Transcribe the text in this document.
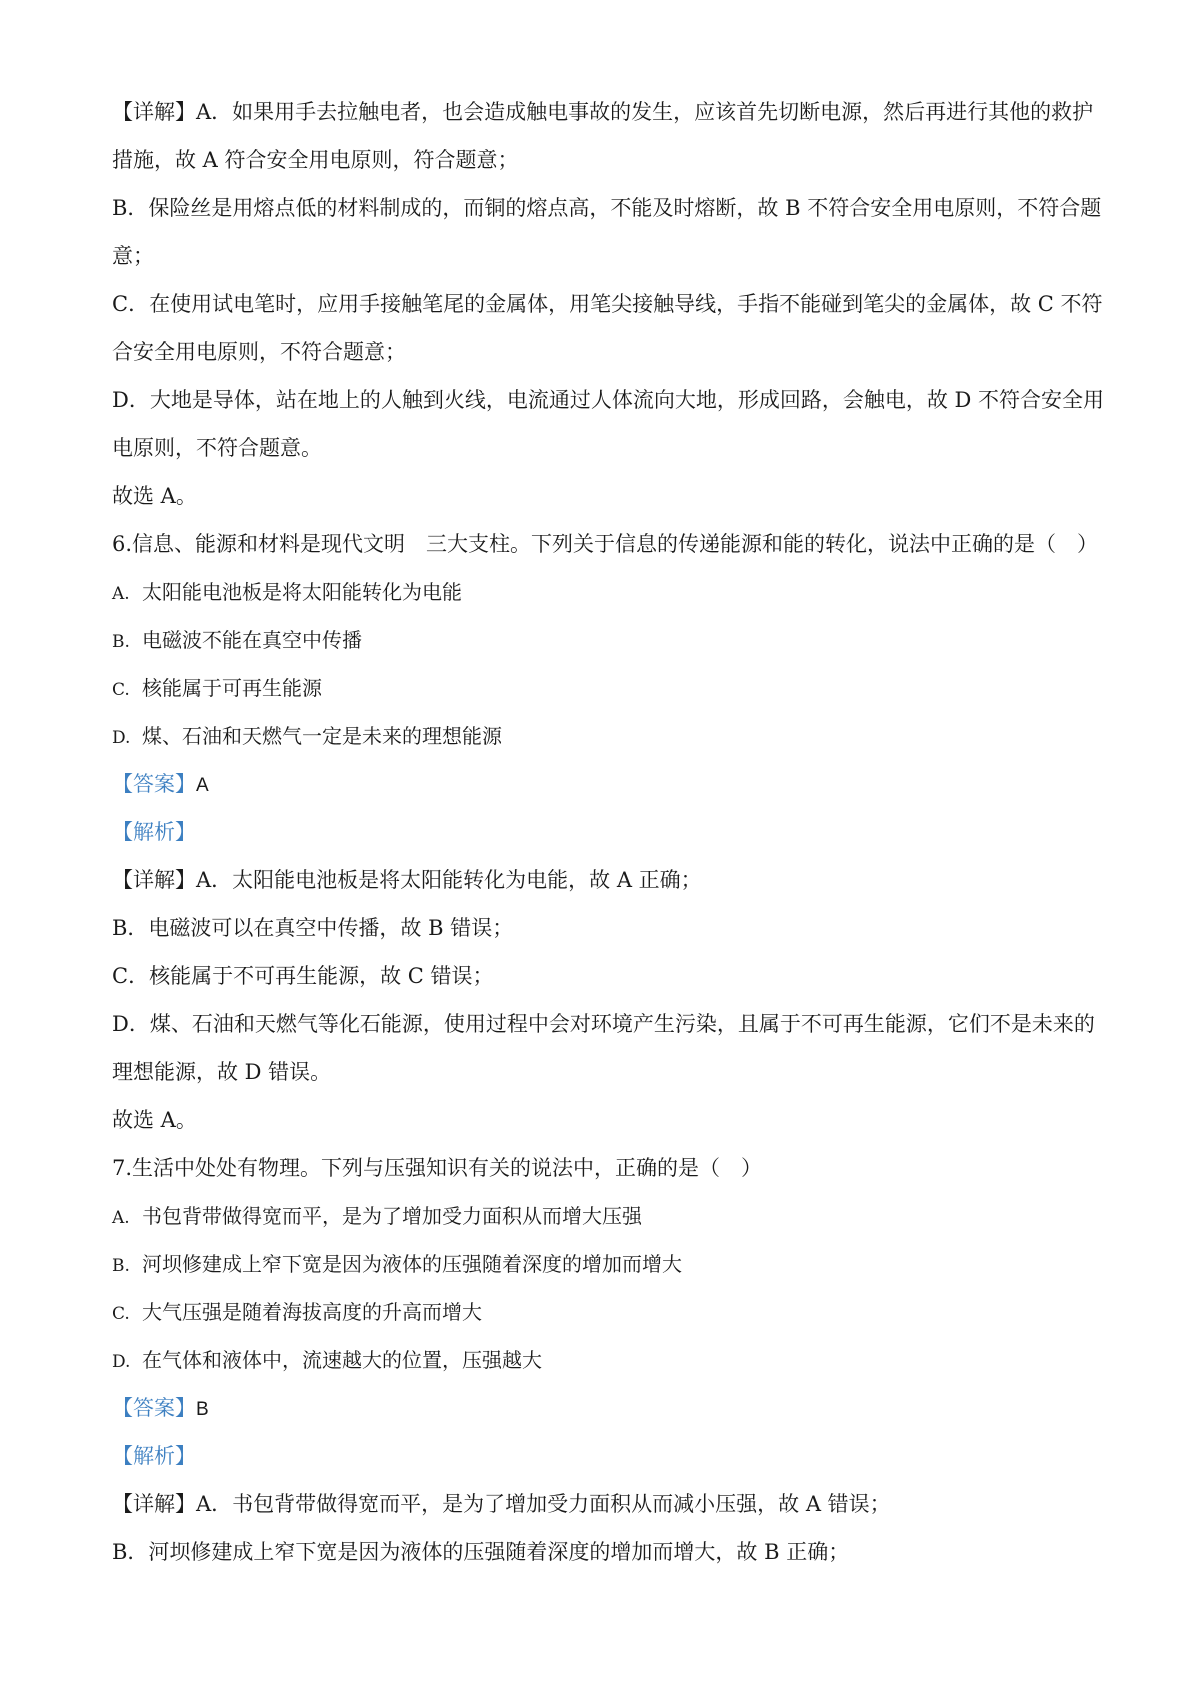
【详解】A．如果用手去拉触电者，也会造成触电事故的发生，应该首先切断电源，然后再进行其他的救护
措施，故 A 符合安全用电原则，符合题意；
B．保险丝是用熔点低的材料制成的，而铜的熔点高，不能及时熔断，故 B 不符合安全用电原则，不符合题
意；
C．在使用试电笔时，应用手接触笔尾的金属体，用笔尖接触导线，手指不能碰到笔尖的金属体，故 C 不符
合安全用电原则，不符合题意；
D．大地是导体，站在地上的人触到火线，电流通过人体流向大地，形成回路，会触电，故 D 不符合安全用
电原则，不符合题意。
故选 A。
6.信息、能源和材料是现代文明　三大支柱。下列关于信息的传递能源和能的转化，说法中正确的是（　）
A. 太阳能电池板是将太阳能转化为电能
B. 电磁波不能在真空中传播
C. 核能属于可再生能源
D. 煤、石油和天燃气一定是未来的理想能源
【答案】A
【解析】
【详解】A．太阳能电池板是将太阳能转化为电能，故 A 正确；
B．电磁波可以在真空中传播，故 B 错误；
C．核能属于不可再生能源，故 C 错误；
D．煤、石油和天燃气等化石能源，使用过程中会对环境产生污染，且属于不可再生能源，它们不是未来的
理想能源，故 D 错误。
故选 A。
7.生活中处处有物理。下列与压强知识有关的说法中，正确的是（　）
A. 书包背带做得宽而平，是为了增加受力面积从而增大压强
B. 河坝修建成上窄下宽是因为液体的压强随着深度的增加而增大
C. 大气压强是随着海拔高度的升高而增大
D. 在气体和液体中，流速越大的位置，压强越大
【答案】B
【解析】
【详解】A．书包背带做得宽而平，是为了增加受力面积从而减小压强，故 A 错误；
B．河坝修建成上窄下宽是因为液体的压强随着深度的增加而增大，故 B 正确；
